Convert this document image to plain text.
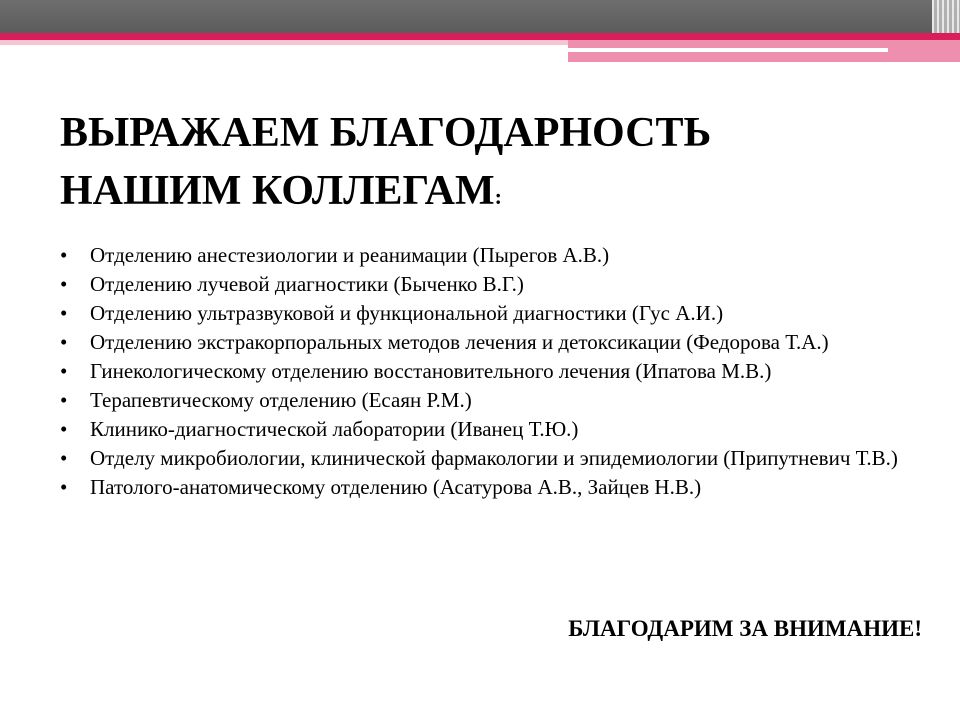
ВЫРАЖАЕМ БЛАГОДАРНОСТЬ
НАШИМ КОЛЛЕГАМ:
• Отделению анестезиологии и реанимации (Пырегов А.В.)
• Отделению лучевой диагностики (Быченко В.Г.)
• Отделению ультразвуковой и функциональной диагностики (Гус А.И.)
• Отделению экстракорпоральных методов лечения и детоксикации (Федорова Т.А.)
• Гинекологическому отделению восстановительного лечения (Ипатова М.В.)
• Терапевтическому отделению (Есаян Р.М.)
• Клинико-диагностической лаборатории (Иванец Т.Ю.)
• Отделу микробиологии, клинической фармакологии и эпидемиологии (Припутневич Т.В.)
• Патолого-анатомическому отделению (Асатурова А.В., Зайцев Н.В.)

БЛАГОДАРИМ ЗА ВНИМАНИЕ!
